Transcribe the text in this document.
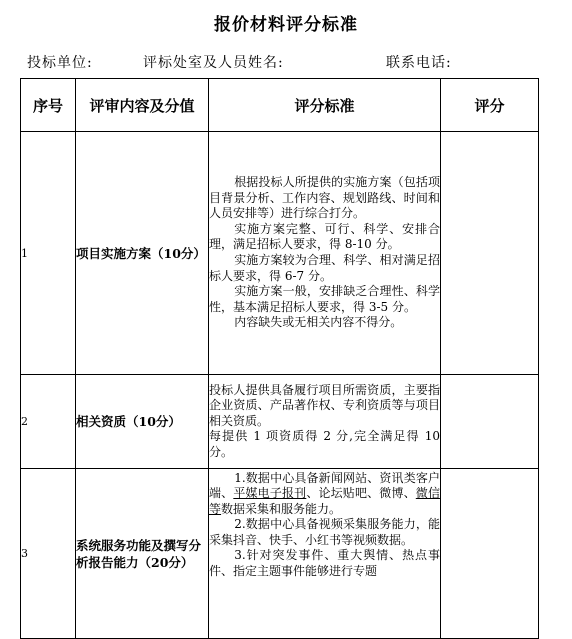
报价材料评分标准
投标单位:	评标处室及人员姓名:	联系电话:
序号	评审内容及分值	评分标准	评分
1	项目实施方案（10分）	根据投标人所提供的实施方案（包括项目背景分析、工作内容、规划路线、时间和人员安排等）进行综合打分。

实施方案完整、可行、科学、安排合理，满足招标人要求，得 8-10 分。

实施方案较为合理、科学、相对满足招标人要求，得 6-7 分。

实施方案一般，安排缺乏合理性、科学性，基本满足招标人要求，得 3-5 分。

内容缺失或无相关内容不得分。	

2	相关资质（10分）	投标人提供具备履行项目所需资质，主要指企业资质、产品著作权、专利资质等与项目相关资质。

每提供 1 项资质得 2 分,完全满足得 10 分。	

3	系统服务功能及撰写分析报告能力（20分）	1.数据中心具备新闻网站、资讯类客户端、平媒电子报刊、论坛贴吧、微博、微信等数据采集和服务能力。

2.数据中心具备视频采集服务能力，能采集抖音、快手、小红书等视频数据。

3.针对突发事件、重大舆情、热点事件、指定主题事件能够进行专题	
